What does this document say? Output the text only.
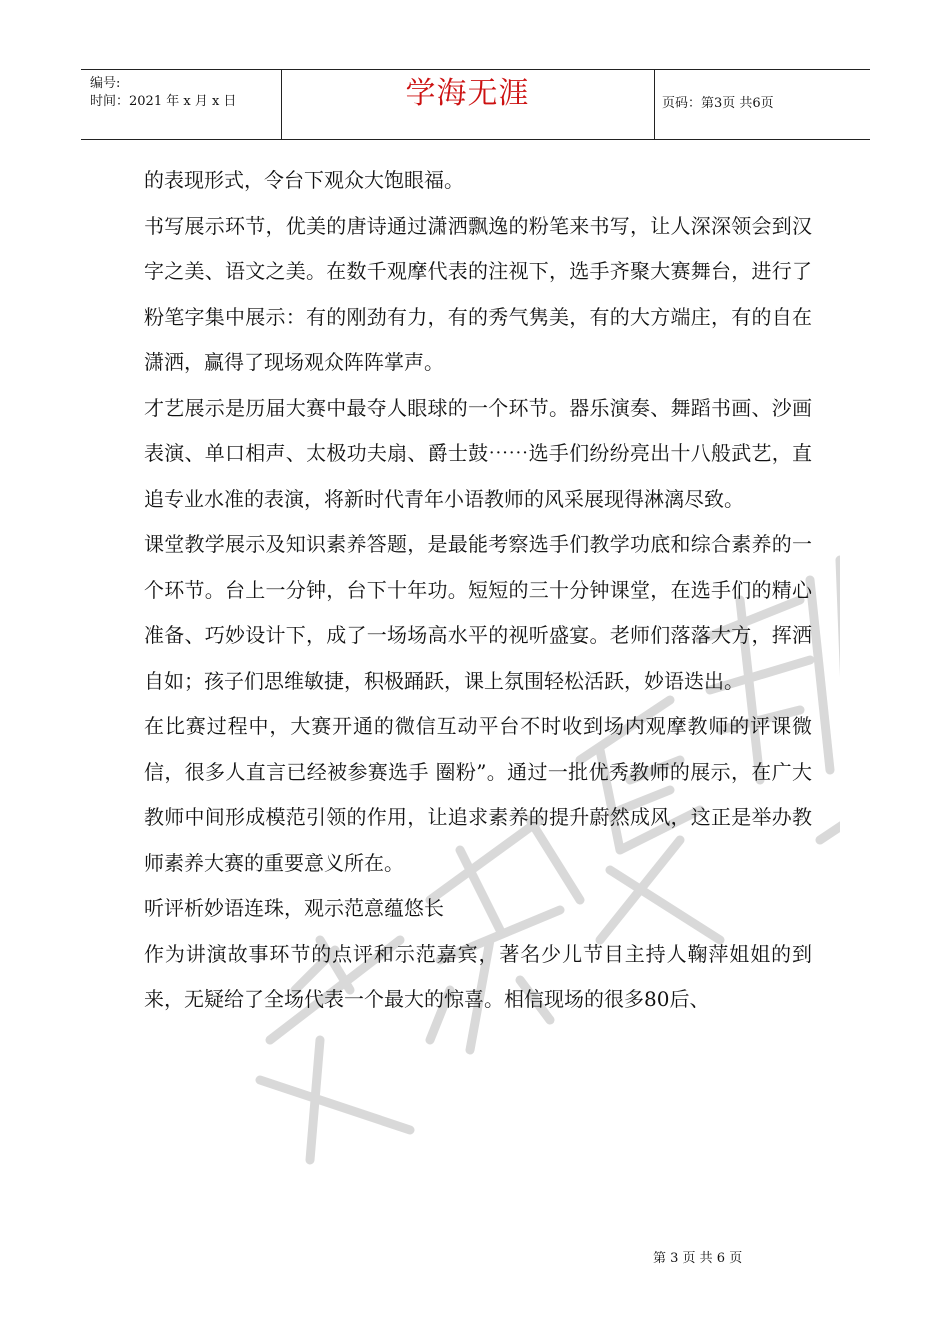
编号:
时间：2021 年 x 月 x 日	学海无涯	页码：第3页 共6页

的表现形式，令台下观众大饱眼福。

书写展示环节，优美的唐诗通过潇洒飘逸的粉笔来书写，让人深深领会到汉字之美、语文之美。在数千观摩代表的注视下，选手齐聚大赛舞台，进行了粉笔字集中展示：有的刚劲有力，有的秀气隽美，有的大方端庄，有的自在潇洒，赢得了现场观众阵阵掌声。

才艺展示是历届大赛中最夺人眼球的一个环节。器乐演奏、舞蹈书画、沙画表演、单口相声、太极功夫扇、爵士鼓⋯⋯选手们纷纷亮出十八般武艺，直追专业水准的表演，将新时代青年小语教师的风采展现得淋漓尽致。

课堂教学展示及知识素养答题，是最能考察选手们教学功底和综合素养的一个环节。台上一分钟，台下十年功。短短的三十分钟课堂，在选手们的精心准备、巧妙设计下，成了一场场高水平的视听盛宴。老师们落落大方，挥洒自如；孩子们思维敏捷，积极踊跃，课上氛围轻松活跃，妙语迭出。

在比赛过程中，大赛开通的微信互动平台不时收到场内观摩教师的评课微信，很多人直言已经被参赛选手 圈粉”。通过一批优秀教师的展示，在广大教师中间形成模范引领的作用，让追求素养的提升蔚然成风，这正是举办教师素养大赛的重要意义所在。

听评析妙语连珠，观示范意蕴悠长

作为讲演故事环节的点评和示范嘉宾，著名少儿节目主持人鞠萍姐姐的到来，无疑给了全场代表一个最大的惊喜。相信现场的很多80后、

第 3 页 共 6 页
